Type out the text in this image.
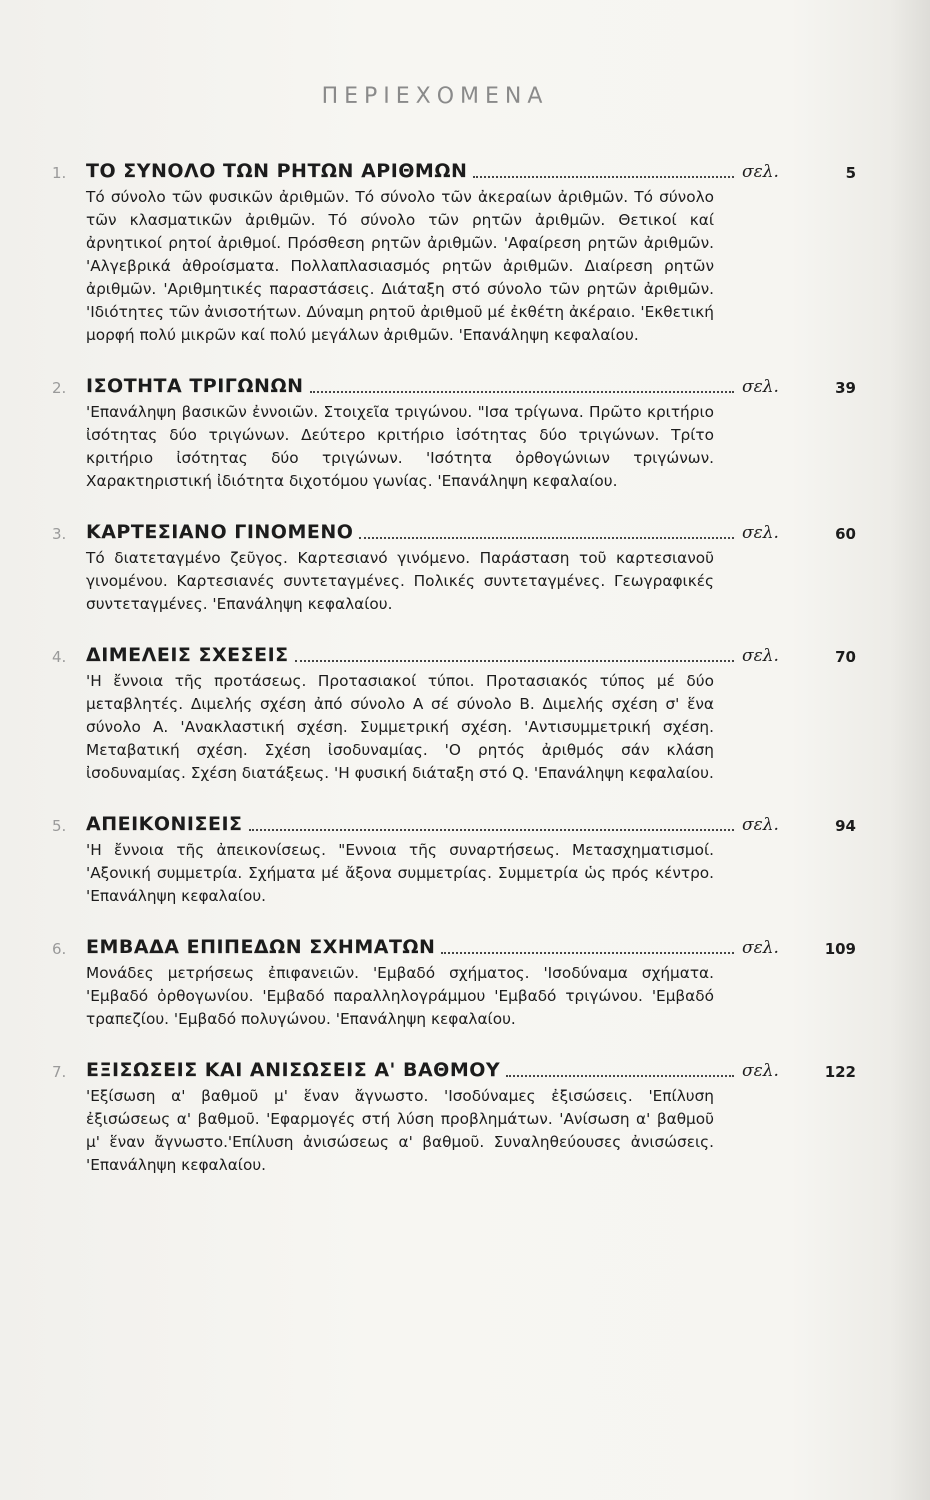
ΠΕΡΙΕΧΟΜΕΝΑ
1.	ΤΟ ΣΥΝΟΛΟ ΤΩΝ ΡΗΤΩΝ ΑΡΙΘΜΩΝ	σελ.	5
Τό σύνολο τῶν φυσικῶν ἀριθμῶν. Τό σύνολο τῶν ἀκεραίων ἀριθμῶν. Τό σύνολο τῶν κλασματικῶν ἀριθμῶν. Τό σύνολο τῶν ρητῶν ἀριθμῶν. Θετικοί καί ἀρνητικοί ρητοί ἀριθμοί. Πρόσθεση ρητῶν ἀριθμῶν. 'Αφαίρεση ρητῶν ἀριθμῶν. 'Αλγεβρικά ἀθροίσματα. Πολλαπλασιασμός ρητῶν ἀριθμῶν. Διαίρεση ρητῶν ἀριθμῶν. 'Αριθμητικές παραστάσεις. Διάταξη στό σύνολο τῶν ρητῶν ἀριθμῶν. 'Ιδιότητες τῶν ἀνισοτήτων. Δύναμη ρητοῦ ἀριθμοῦ μέ ἐκθέτη ἀκέραιο. 'Εκθετική μορφή πολύ μικρῶν καί πολύ μεγάλων ἀριθμῶν. 'Επανάληψη κεφαλαίου.
2.	ΙΣΟΤΗΤΑ ΤΡΙΓΩΝΩΝ	σελ.	39
'Επανάληψη βασικῶν ἐννοιῶν. Στοιχεῖα τριγώνου. "Ισα τρίγωνα. Πρῶτο κριτήριο ἰσότητας δύο τριγώνων. Δεύτερο κριτήριο ἰσότητας δύο τριγώνων. Τρίτο κριτήριο ἰσότητας δύο τριγώνων. 'Ισότητα ὀρθογώνιων τριγώνων. Χαρακτηριστική ἰδιότητα διχοτόμου γωνίας. 'Επανάληψη κεφαλαίου.
3.	ΚΑΡΤΕΣΙΑΝΟ ΓΙΝΟΜΕΝΟ	σελ.	60
Τό διατεταγμένο ζεῦγος. Καρτεσιανό γινόμενο. Παράσταση τοῦ καρτεσιανοῦ γινομένου. Καρτεσιανές συντεταγμένες. Πολικές συντεταγμένες. Γεωγραφικές συντεταγμένες. 'Επανάληψη κεφαλαίου.
4.	ΔΙΜΕΛΕΙΣ ΣΧΕΣΕΙΣ	σελ.	70
'Η ἔννοια τῆς προτάσεως. Προτασιακοί τύποι. Προτασιακός τύπος μέ δύο μεταβλητές. Διμελής σχέση ἀπό σύνολο Α σέ σύνολο Β. Διμελής σχέση σ' ἕνα σύνολο Α. 'Ανακλαστική σχέση. Συμμετρική σχέση. 'Αντισυμμετρική σχέση. Μεταβατική σχέση. Σχέση ἰσοδυναμίας. 'Ο ρητός ἀριθμός σάν κλάση ἰσοδυναμίας. Σχέση διατάξεως. 'Η φυσική διάταξη στό Q. 'Επανάληψη κεφαλαίου.
5.	ΑΠΕΙΚΟΝΙΣΕΙΣ	σελ.	94
'Η ἔννοια τῆς ἀπεικονίσεως. "Εννοια τῆς συναρτήσεως. Μετασχηματισμοί. 'Αξονική συμμετρία. Σχήματα μέ ἄξονα συμμετρίας. Συμμετρία ὡς πρός κέντρο. 'Επανάληψη κεφαλαίου.
6.	ΕΜΒΑΔΑ ΕΠΙΠΕΔΩΝ ΣΧΗΜΑΤΩΝ	σελ.	109
Μονάδες μετρήσεως ἐπιφανειῶν. 'Εμβαδό σχήματος. 'Ισοδύναμα σχήματα. 'Εμβαδό ὀρθογωνίου. 'Εμβαδό παραλληλογράμμου 'Εμβαδό τριγώνου. 'Εμβαδό τραπεζίου. 'Εμβαδό πολυγώνου. 'Επανάληψη κεφαλαίου.
7.	ΕΞΙΣΩΣΕΙΣ ΚΑΙ ΑΝΙΣΩΣΕΙΣ Α' ΒΑΘΜΟΥ	σελ.	122
'Εξίσωση α' βαθμοῦ μ' ἕναν ἄγνωστο. 'Ισοδύναμες ἐξισώσεις. 'Επίλυση ἐξισώσεως α' βαθμοῦ. 'Εφαρμογές στή λύση προβλημάτων. 'Ανίσωση α' βαθμοῦ μ' ἕναν ἄγνωστο.'Επίλυση ἀνισώσεως α' βαθμοῦ. Συναληθεύουσες ἀνισώσεις. 'Επανάληψη κεφαλαίου.
